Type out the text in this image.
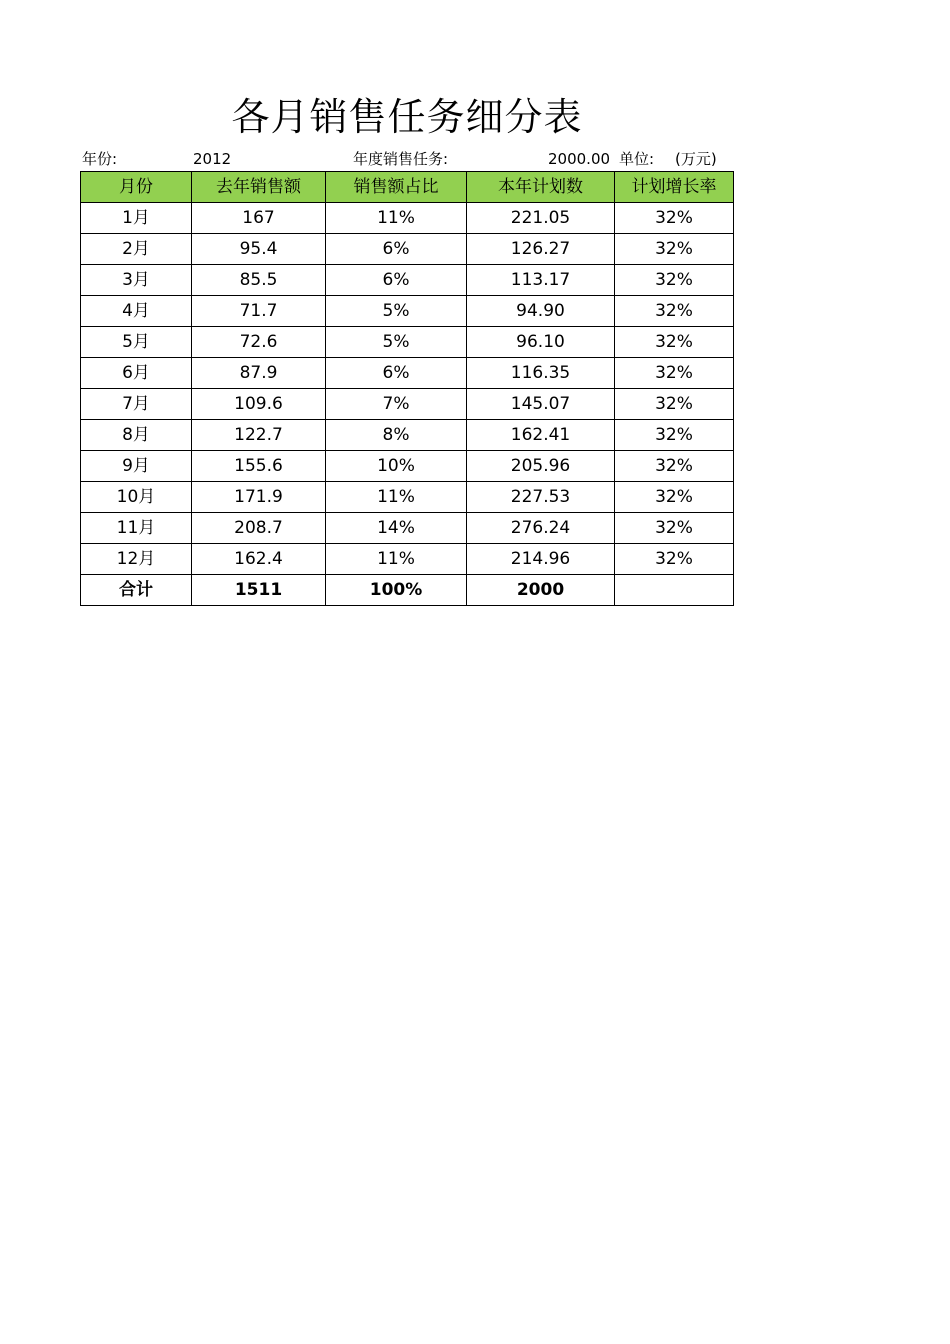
各月销售任务细分表
年份:	2012	年度销售任务:	2000.00 单位: (万元)
月份	去年销售额	销售额占比	本年计划数	计划增长率
1月	167	11%	221.05	32%
2月	95.4	6%	126.27	32%
3月	85.5	6%	113.17	32%
4月	71.7	5%	94.90	32%
5月	72.6	5%	96.10	32%
6月	87.9	6%	116.35	32%
7月	109.6	7%	145.07	32%
8月	122.7	8%	162.41	32%
9月	155.6	10%	205.96	32%
10月	171.9	11%	227.53	32%
11月	208.7	14%	276.24	32%
12月	162.4	11%	214.96	32%
合计	1511	100%	2000	
